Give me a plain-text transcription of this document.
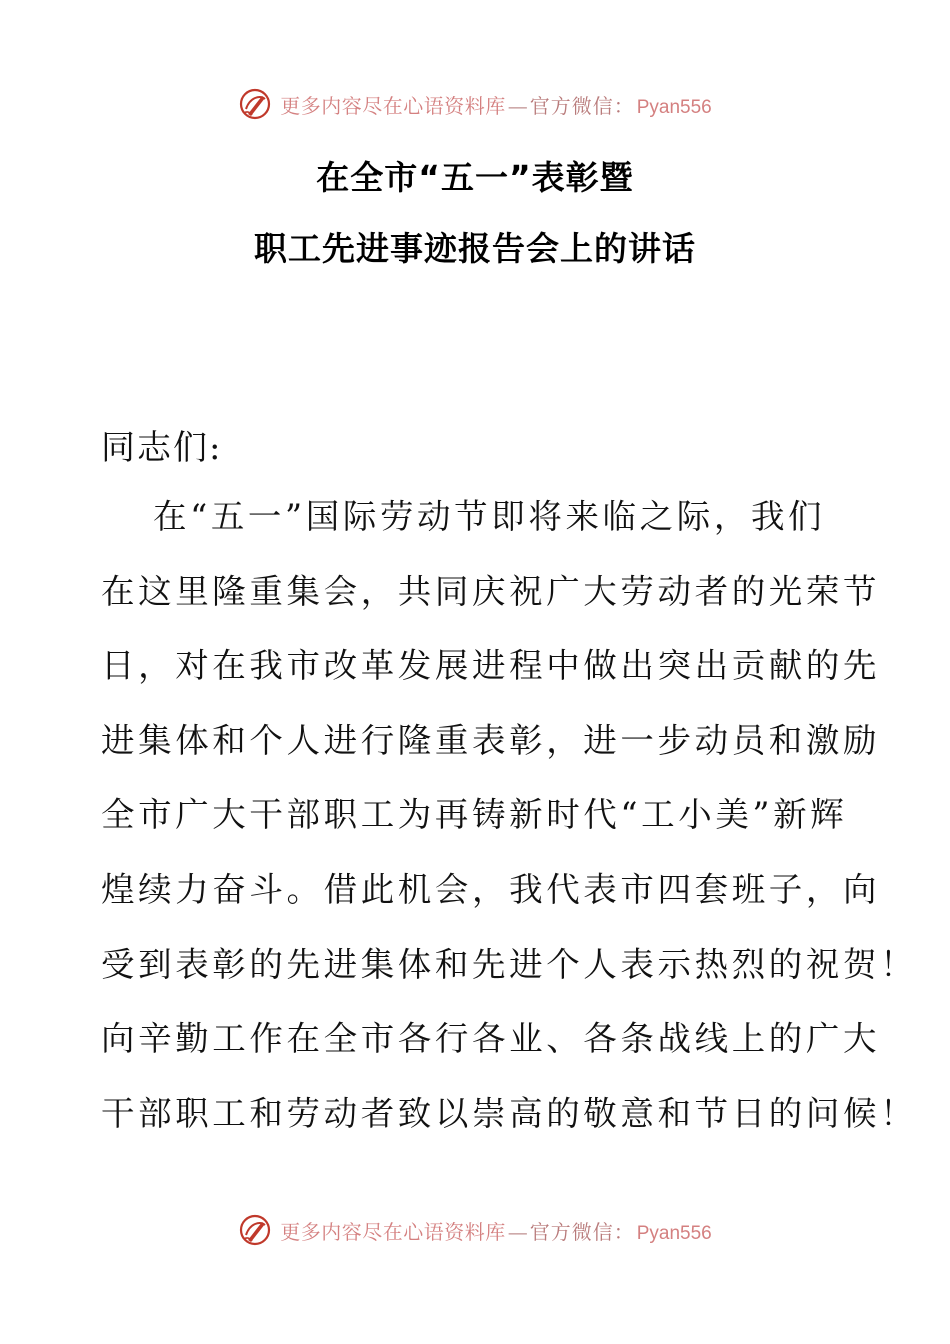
更多内容尽在心语资料库 — 官方微信： Pyan556
在全市“五一”表彰暨
职工先进事迹报告会上的讲话
同志们:
在“五一”国际劳动节即将来临之际，我们
在这里隆重集会，共同庆祝广大劳动者的光荣节
日，对在我市改革发展进程中做出突出贡献的先
进集体和个人进行隆重表彰，进一步动员和激励
全市广大干部职工为再铸新时代“工小美”新辉
煌续力奋斗。借此机会，我代表市四套班子，向
受到表彰的先进集体和先进个人表示热烈的祝贺！
向辛勤工作在全市各行各业、各条战线上的广大
干部职工和劳动者致以崇高的敬意和节日的问候！
更多内容尽在心语资料库 — 官方微信： Pyan556
